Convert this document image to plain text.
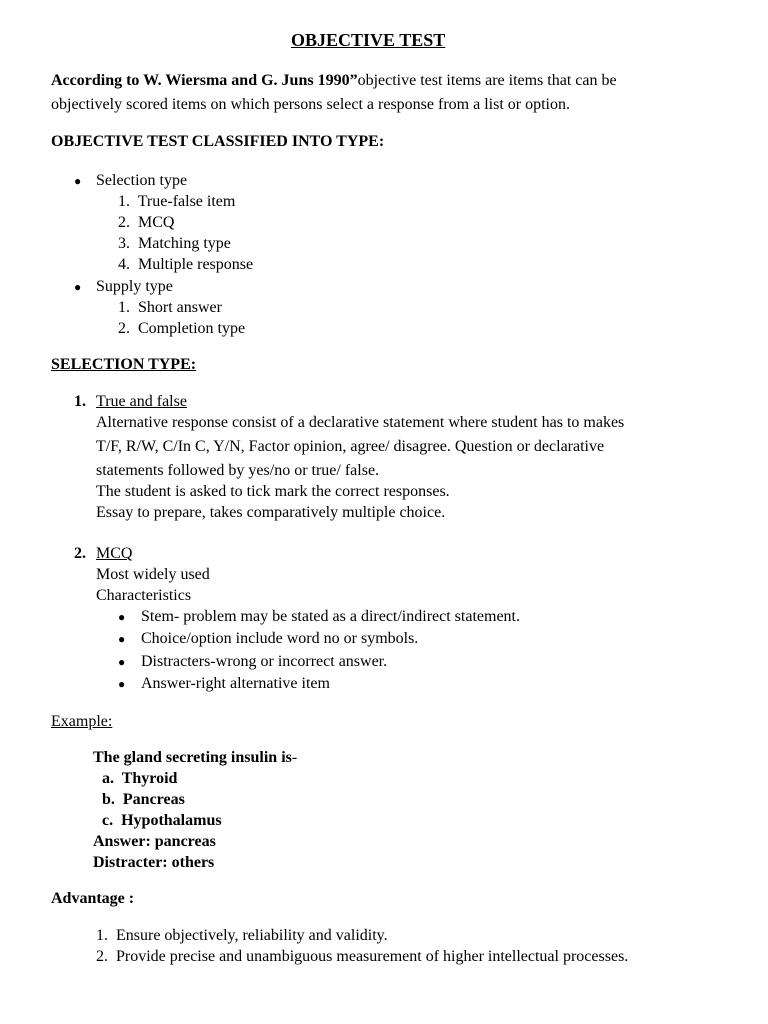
OBJECTIVE TEST
According to W. Wiersma and G. Juns 1990”objective test items are items that can be
objectively scored items on which persons select a response from a list or option.
OBJECTIVE TEST CLASSIFIED INTO TYPE:
● Selection type
1.  True-false item
2.  MCQ
3.  Matching type
4.  Multiple response
● Supply type
1.  Short answer
2.  Completion type
SELECTION TYPE:
1. True and false
Alternative response consist of a declarative statement where student has to makes
T/F, R/W, C/In C, Y/N, Factor opinion, agree/ disagree. Question or declarative
statements followed by yes/no or true/ false.
The student is asked to tick mark the correct responses.
Essay to prepare, takes comparatively multiple choice.
2. MCQ
Most widely used
Characteristics
● Stem- problem may be stated as a direct/indirect statement.
● Choice/option include word no or symbols.
● Distracters-wrong or incorrect answer.
● Answer-right alternative item
Example:
The gland secreting insulin is-
a. Thyroid
b. Pancreas
c. Hypothalamus
Answer: pancreas
Distracter: others
Advantage :
1.  Ensure objectively, reliability and validity.
2.  Provide precise and unambiguous measurement of higher intellectual processes.
